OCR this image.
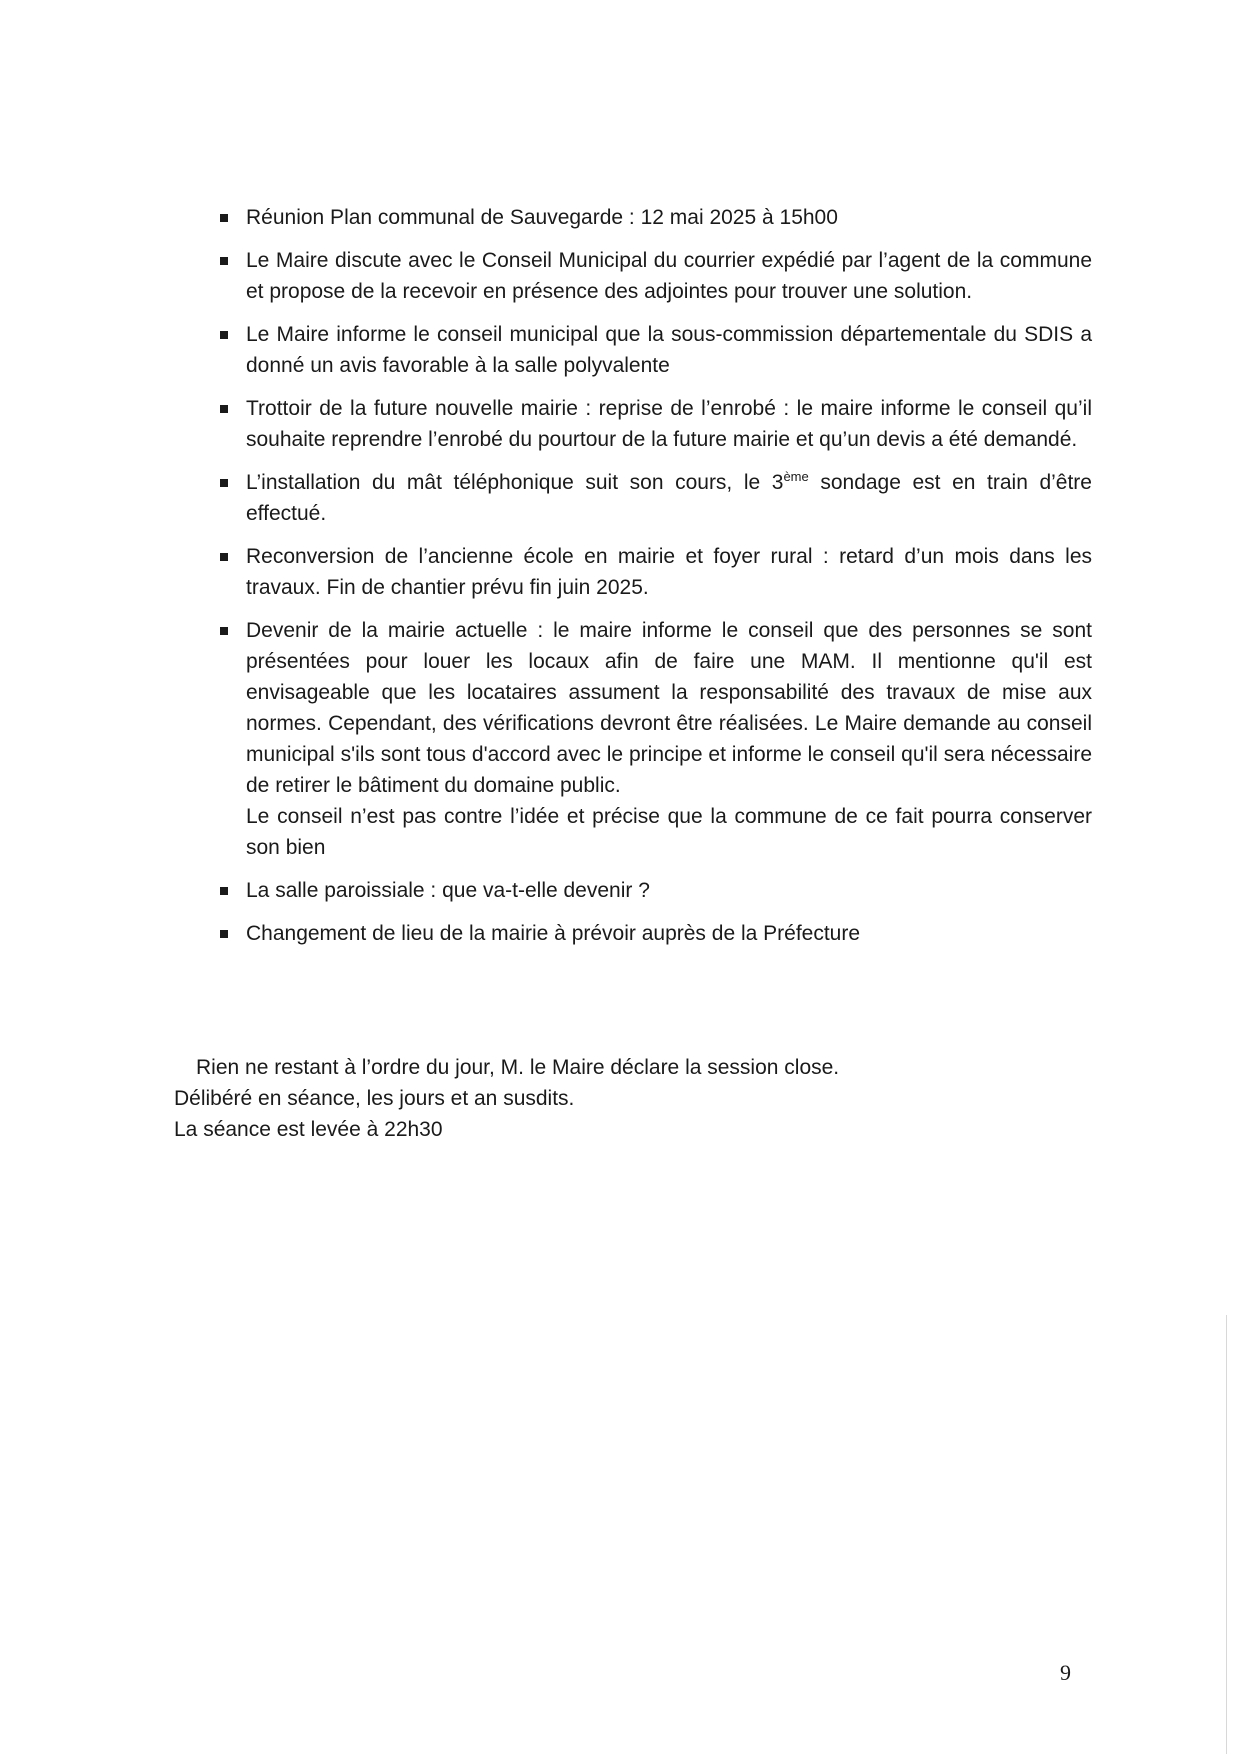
Réunion Plan communal de Sauvegarde : 12 mai 2025 à 15h00

Le Maire discute avec le Conseil Municipal du courrier expédié par l’agent de la commune et propose de la recevoir en présence des adjointes pour trouver une solution.

Le Maire informe le conseil municipal que la sous-commission départementale du SDIS a donné un avis favorable à la salle polyvalente

Trottoir de la future nouvelle mairie : reprise de l’enrobé : le maire informe le conseil qu’il souhaite reprendre l’enrobé du pourtour de la future mairie et qu’un devis a été demandé.

L’installation du mât téléphonique suit son cours, le 3ème sondage est en train d’être effectué.

Reconversion de l’ancienne école en mairie et foyer rural : retard d’un mois dans les travaux. Fin de chantier prévu fin juin 2025.

Devenir de la mairie actuelle : le maire informe le conseil que des personnes se sont présentées pour louer les locaux afin de faire une MAM. Il mentionne qu'il est envisageable que les locataires assument la responsabilité des travaux de mise aux normes. Cependant, des vérifications devront être réalisées. Le Maire demande au conseil municipal s'ils sont tous d'accord avec le principe et informe le conseil qu'il sera nécessaire de retirer le bâtiment du domaine public.

Le conseil n’est pas contre l’idée et précise que la commune de ce fait pourra conserver son bien

La salle paroissiale : que va-t-elle devenir ?

Changement de lieu de la mairie à prévoir auprès de la Préfecture

Rien ne restant à l’ordre du jour, M. le Maire déclare la session close.
Délibéré en séance, les jours et an susdits.
La séance est levée à 22h30
9
